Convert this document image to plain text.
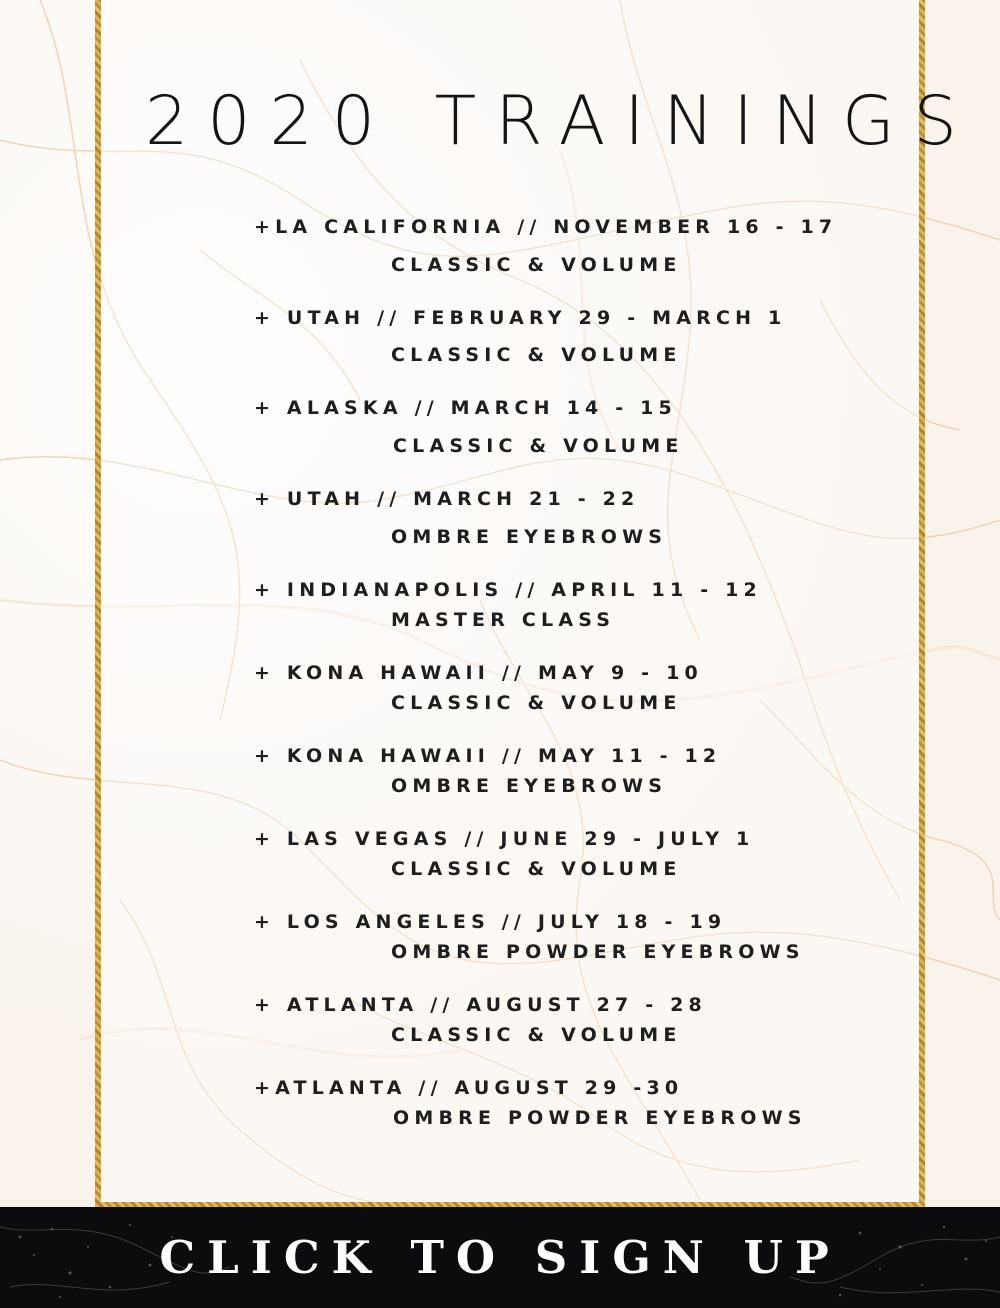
2020 TRAININGS
+LA CALIFORNIA // NOVEMBER 16 - 17
CLASSIC & VOLUME
+ UTAH // FEBRUARY 29 - MARCH 1
CLASSIC & VOLUME
+ ALASKA // MARCH 14 - 15
CLASSIC & VOLUME
+ UTAH // MARCH 21 - 22
OMBRE EYEBROWS
+ INDIANAPOLIS // APRIL 11 - 12
MASTER CLASS
+ KONA HAWAII // MAY 9 - 10
CLASSIC & VOLUME
+ KONA HAWAII // MAY 11 - 12
OMBRE EYEBROWS
+ LAS VEGAS // JUNE 29 - JULY 1
CLASSIC & VOLUME
+ LOS ANGELES // JULY 18 - 19
OMBRE POWDER EYEBROWS
+ ATLANTA // AUGUST 27 - 28
CLASSIC & VOLUME
+ATLANTA // AUGUST 29 -30
OMBRE POWDER EYEBROWS
CLICK TO SIGN UP
